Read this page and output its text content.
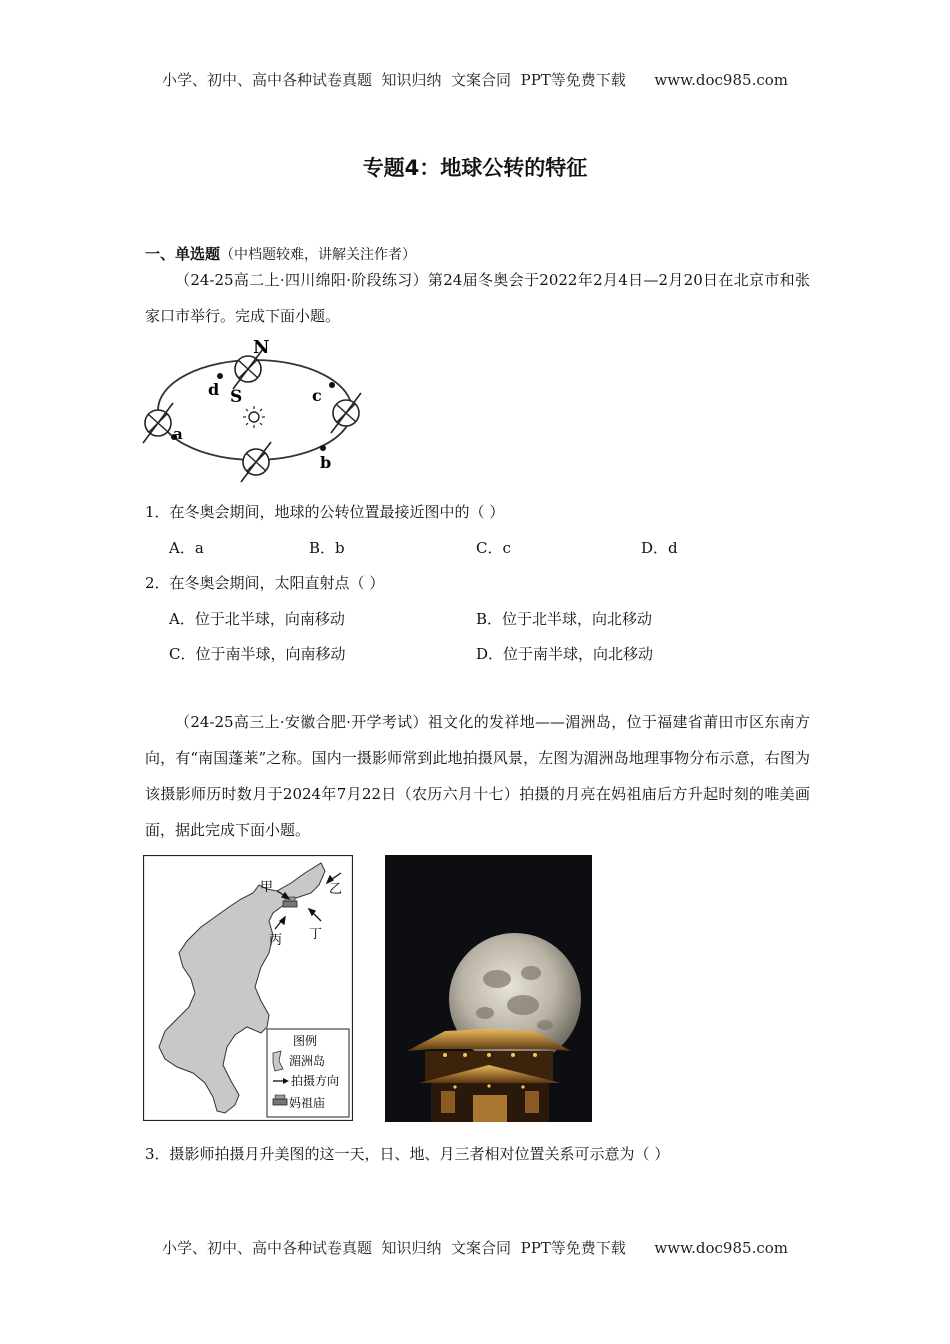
小学、初中、高中各种试卷真题  知识归纳  文案合同  PPT等免费下载      www.doc985.com
专题4：地球公转的特征
一、单选题（中档题较难，讲解关注作者）
（24-25高二上·四川绵阳·阶段练习）第24届冬奥会于2022年2月4日—2月20日在北京市和张家口市举行。完成下面小题。
N
S
a
b
c
d
1．在冬奥会期间，地球的公转位置最接近图中的（ ）
A．a	B．b	C．c	D．d
2．在冬奥会期间，太阳直射点（ ）
A．位于北半球，向南移动	B．位于北半球，向北移动
C．位于南半球，向南移动	D．位于南半球，向北移动
（24-25高三上·安徽合肥·开学考试）祖文化的发祥地——湄洲岛，位于福建省莆田市区东南方向，有“南国蓬莱”之称。国内一摄影师常到此地拍摄风景，左图为湄洲岛地理事物分布示意，右图为该摄影师历时数月于2024年7月22日（农历六月十七）拍摄的月亮在妈祖庙后方升起时刻的唯美画面，据此完成下面小题。
甲	乙
丙 丁
图例
湄洲岛
拍摄方向
妈祖庙
3．摄影师拍摄月升美图的这一天，日、地、月三者相对位置关系可示意为（ ）
小学、初中、高中各种试卷真题  知识归纳  文案合同  PPT等免费下载      www.doc985.com
